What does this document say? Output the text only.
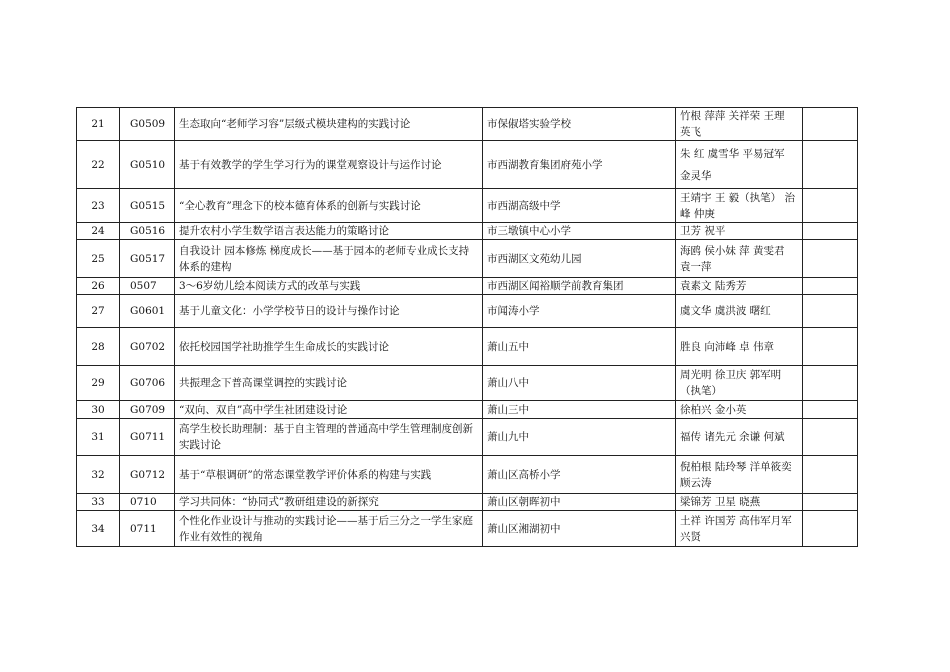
21	G0509	生态取向“老师学习容”层级式模块建构的实践讨论	市保俶塔实验学校	竹根 萍萍 关祥荣 王理 英飞	
22	G0510	基于有效教学的学生学习行为的课堂观察设计与运作讨论	市西湖教育集团府苑小学	朱 红 虞雪华 平易冠军 金灵华	
23	G0515	“全心教育”理念下的校本德育体系的创新与实践讨论	市西湖高级中学	王靖宇 王 毅（执笔） 治峰 仲庚	
24	G0516	提升农村小学生数学语言表达能力的策略讨论	市三墩镇中心小学	卫芳 祝平	
25	G0517	自我设计 园本修炼 梯度成长——基于园本的老师专业成长支持体系的建构	市西湖区文苑幼儿园	海鸥 侯小妹 萍 黄雯君 袁一萍	
26	0507	3～6岁幼儿绘本阅读方式的改革与实践	市西湖区闻裕顺学前教育集团	袁素文 陆秀芳	
27	G0601	基于儿童文化：小学学校节日的设计与操作讨论	市闻涛小学	虞文华 虞洪波 曙红	
28	G0702	依托校园国学社助推学生生命成长的实践讨论	萧山五中	胜良 向沛峰 卓 伟章	
29	G0706	共振理念下普高课堂调控的实践讨论	萧山八中	周光明 徐卫庆 郭军明（执笔）	
30	G0709	“双向、双自”高中学生社团建设讨论	萧山三中	徐柏兴 金小英	
31	G0711	高学生校长助理制：基于自主管理的普通高中学生管理制度创新实践讨论	萧山九中	福传 诸先元 余谦 何斌	
32	G0712	基于“草根调研”的常态课堂教学评价体系的构建与实践	萧山区高桥小学	倪柏根 陆玲琴 洋单筱奕 顾云涛	
33	0710	学习共同体：“协同式”教研组建设的新探究	萧山区朝晖初中	梁锦芳 卫星 晓燕	
34	0711	个性化作业设计与推动的实践讨论——基于后三分之一学生家庭作业有效性的视角	萧山区湘湖初中	土祥 许国芳 高伟军月军 兴贤	
